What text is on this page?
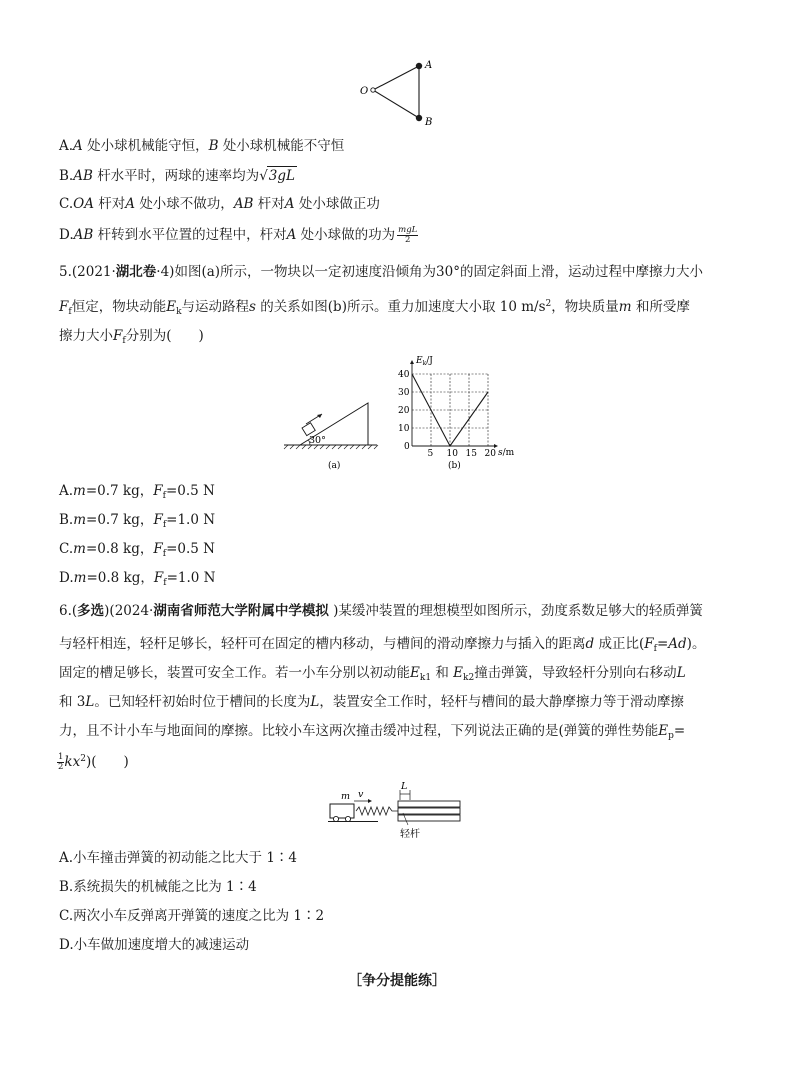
O
A
B
A.A 处小球机械能守恒，B 处小球机械能不守恒
B.AB 杆水平时，两球的速率均为√3gL
C.OA 杆对A 处小球不做功，AB 杆对A 处小球做正功
D.AB 杆转到水平位置的过程中，杆对A 处小球做的功为 $\frac{\text{mgL}}{2}$
5.(2021·湖北卷·4)如图(a)所示，一物块以一定初速度沿倾角为30°的固定斜面上滑，运动过程中摩擦力大小
$F_f$恒定，物块动能$E_k$与运动路程s 的关系如图(b)所示。重力加速度大小取 10 $m/s^2$，物块质量m 和所受摩
擦力大小$F_f$分别为(　　)
30°
(a)
5 10 15 20
0
10
20
30
40
$E_k/J$
s/m
(b)
A.m=0.7 kg，$F_f=0.5$ N
B.m=0.7 kg，$F_f=1.0$ N
C.m=0.8 kg，$F_f=0.5$ N
D.m=0.8 kg，$F_f=1.0$ N
6.(多选)(2024·湖南省师范大学附属中学模拟 )某缓冲装置的理想模型如图所示，劲度系数足够大的轻质弹簧
与轻杆相连，轻杆足够长，轻杆可在固定的槽内移动，与槽间的滑动摩擦力与插入的距离d 成正比$(F_f=Ad)$。
固定的槽足够长，装置可安全工作。若一小车分别以初动能$E_{k1}$ 和 $E_{k2}$撞击弹簧，导致轻杆分别向右移动L
和 3L。已知轻杆初始时位于槽间的长度为L，装置安全工作时，轻杆与槽间的最大静摩擦力等于滑动摩擦
力，且不计小车与地面间的摩擦。比较小车这两次撞击缓冲过程，下列说法正确的是(弹簧的弹性势能$E_p=$
$\frac{1}{2} kx^2$)(　　)
m v
L
轻杆
A.小车撞击弹簧的初动能之比大于 1∶4
B.系统损失的机械能之比为 1∶4
C.两次小车反弹离开弹簧的速度之比为 1∶2
D.小车做加速度增大的减速运动
［争分提能练］
